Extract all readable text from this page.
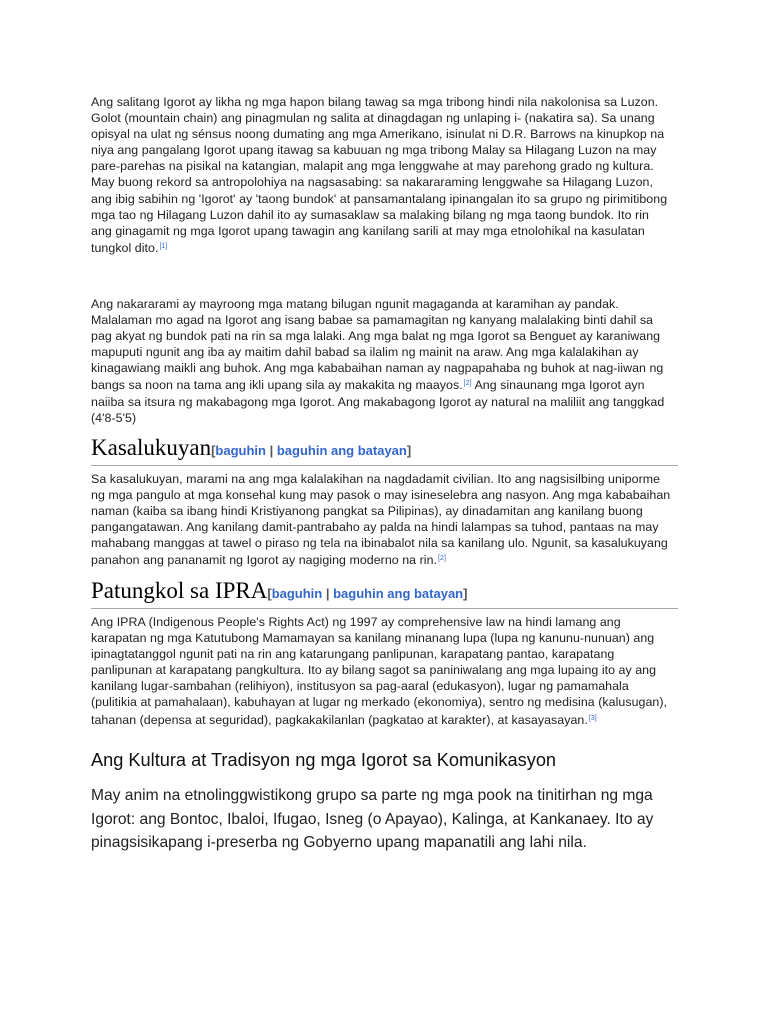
Ang salitang Igorot ay likha ng mga hapon bilang tawag sa mga tribong hindi nila nakolonisa sa Luzon. Golot (mountain chain) ang pinagmulan ng salita at dinagdagan ng unlaping i- (nakatira sa). Sa unang opisyal na ulat ng sénsus noong dumating ang mga Amerikano, isinulat ni D.R. Barrows na kinupkop na niya ang pangalang Igorot upang itawag sa kabuuan ng mga tribong Malay sa Hilagang Luzon na may pare-parehas na pisikal na katangian, malapit ang mga lenggwahe at may parehong grado ng kultura. May buong rekord sa antropolohiya na nagsasabing: sa nakararaming lenggwahe sa Hilagang Luzon, ang ibig sabihin ng 'Igorot' ay 'taong bundok' at pansamantalang ipinangalan ito sa grupo ng pirimitibong mga tao ng Hilagang Luzon dahil ito ay sumasaklaw sa malaking bilang ng mga taong bundok. Ito rin ang ginagamit ng mga Igorot upang tawagin ang kanilang sarili at may mga etnolohikal na kasulatan tungkol dito.[1]

Ang nakararami ay mayroong mga matang bilugan ngunit magaganda at karamihan ay pandak. Malalaman mo agad na Igorot ang isang babae sa pamamagitan ng kanyang malalaking binti dahil sa pag akyat ng bundok pati na rin sa mga lalaki. Ang mga balat ng mga Igorot sa Benguet ay karaniwang mapuputi ngunit ang iba ay maitim dahil babad sa ilalim ng mainit na araw. Ang mga kalalakihan ay kinagawiang maikli ang buhok. Ang mga kababaihan naman ay nagpapahaba ng buhok at nag-iiwan ng bangs sa noon na tama ang ikli upang sila ay makakita ng maayos.[2] Ang sinaunang mga Igorot ayn naiiba sa itsura ng makabagong mga Igorot. Ang makabagong Igorot ay natural na maliliit ang tanggkad (4'8-5'5)

Kasalukuyan[baguhin | baguhin ang batayan]

Sa kasalukuyan, marami na ang mga kalalakihan na nagdadamit civilian. Ito ang nagsisilbing uniporme ng mga pangulo at mga konsehal kung may pasok o may isineselebra ang nasyon. Ang mga kababaihan naman (kaiba sa ibang hindi Kristiyanong pangkat sa Pilipinas), ay dinadamitan ang kanilang buong pangangatawan. Ang kanilang damit-pantrabaho ay palda na hindi lalampas sa tuhod, pantaas na may mahabang manggas at tawel o piraso ng tela na ibinabalot nila sa kanilang ulo. Ngunit, sa kasalukuyang panahon ang pananamit ng Igorot ay nagiging moderno na rin.[2]

Patungkol sa IPRA[baguhin | baguhin ang batayan]

Ang IPRA (Indigenous People's Rights Act) ng 1997 ay comprehensive law na hindi lamang ang karapatan ng mga Katutubong Mamamayan sa kanilang minanang lupa (lupa ng kanunu-nunuan) ang ipinagtatanggol ngunit pati na rin ang katarungang panlipunan, karapatang pantao, karapatang panlipunan at karapatang pangkultura. Ito ay bilang sagot sa paniniwalang ang mga lupaing ito ay ang kanilang lugar-sambahan (relihiyon), institusyon sa pag-aaral (edukasyon), lugar ng pamamahala (pulitikia at pamahalaan), kabuhayan at lugar ng merkado (ekonomiya), sentro ng medisina (kalusugan), tahanan (depensa at seguridad), pagkakakilanlan (pagkatao at karakter), at kasayasayan.[3]

Ang Kultura at Tradisyon ng mga Igorot sa Komunikasyon

May anim na etnolinggwistikong grupo sa parte ng mga pook na tinitirhan ng mga Igorot: ang Bontoc, Ibaloi, Ifugao, Isneg (o Apayao), Kalinga, at Kankanaey. Ito ay pinagsisikapang i-preserba ng Gobyerno upang mapanatili ang lahi nila.
